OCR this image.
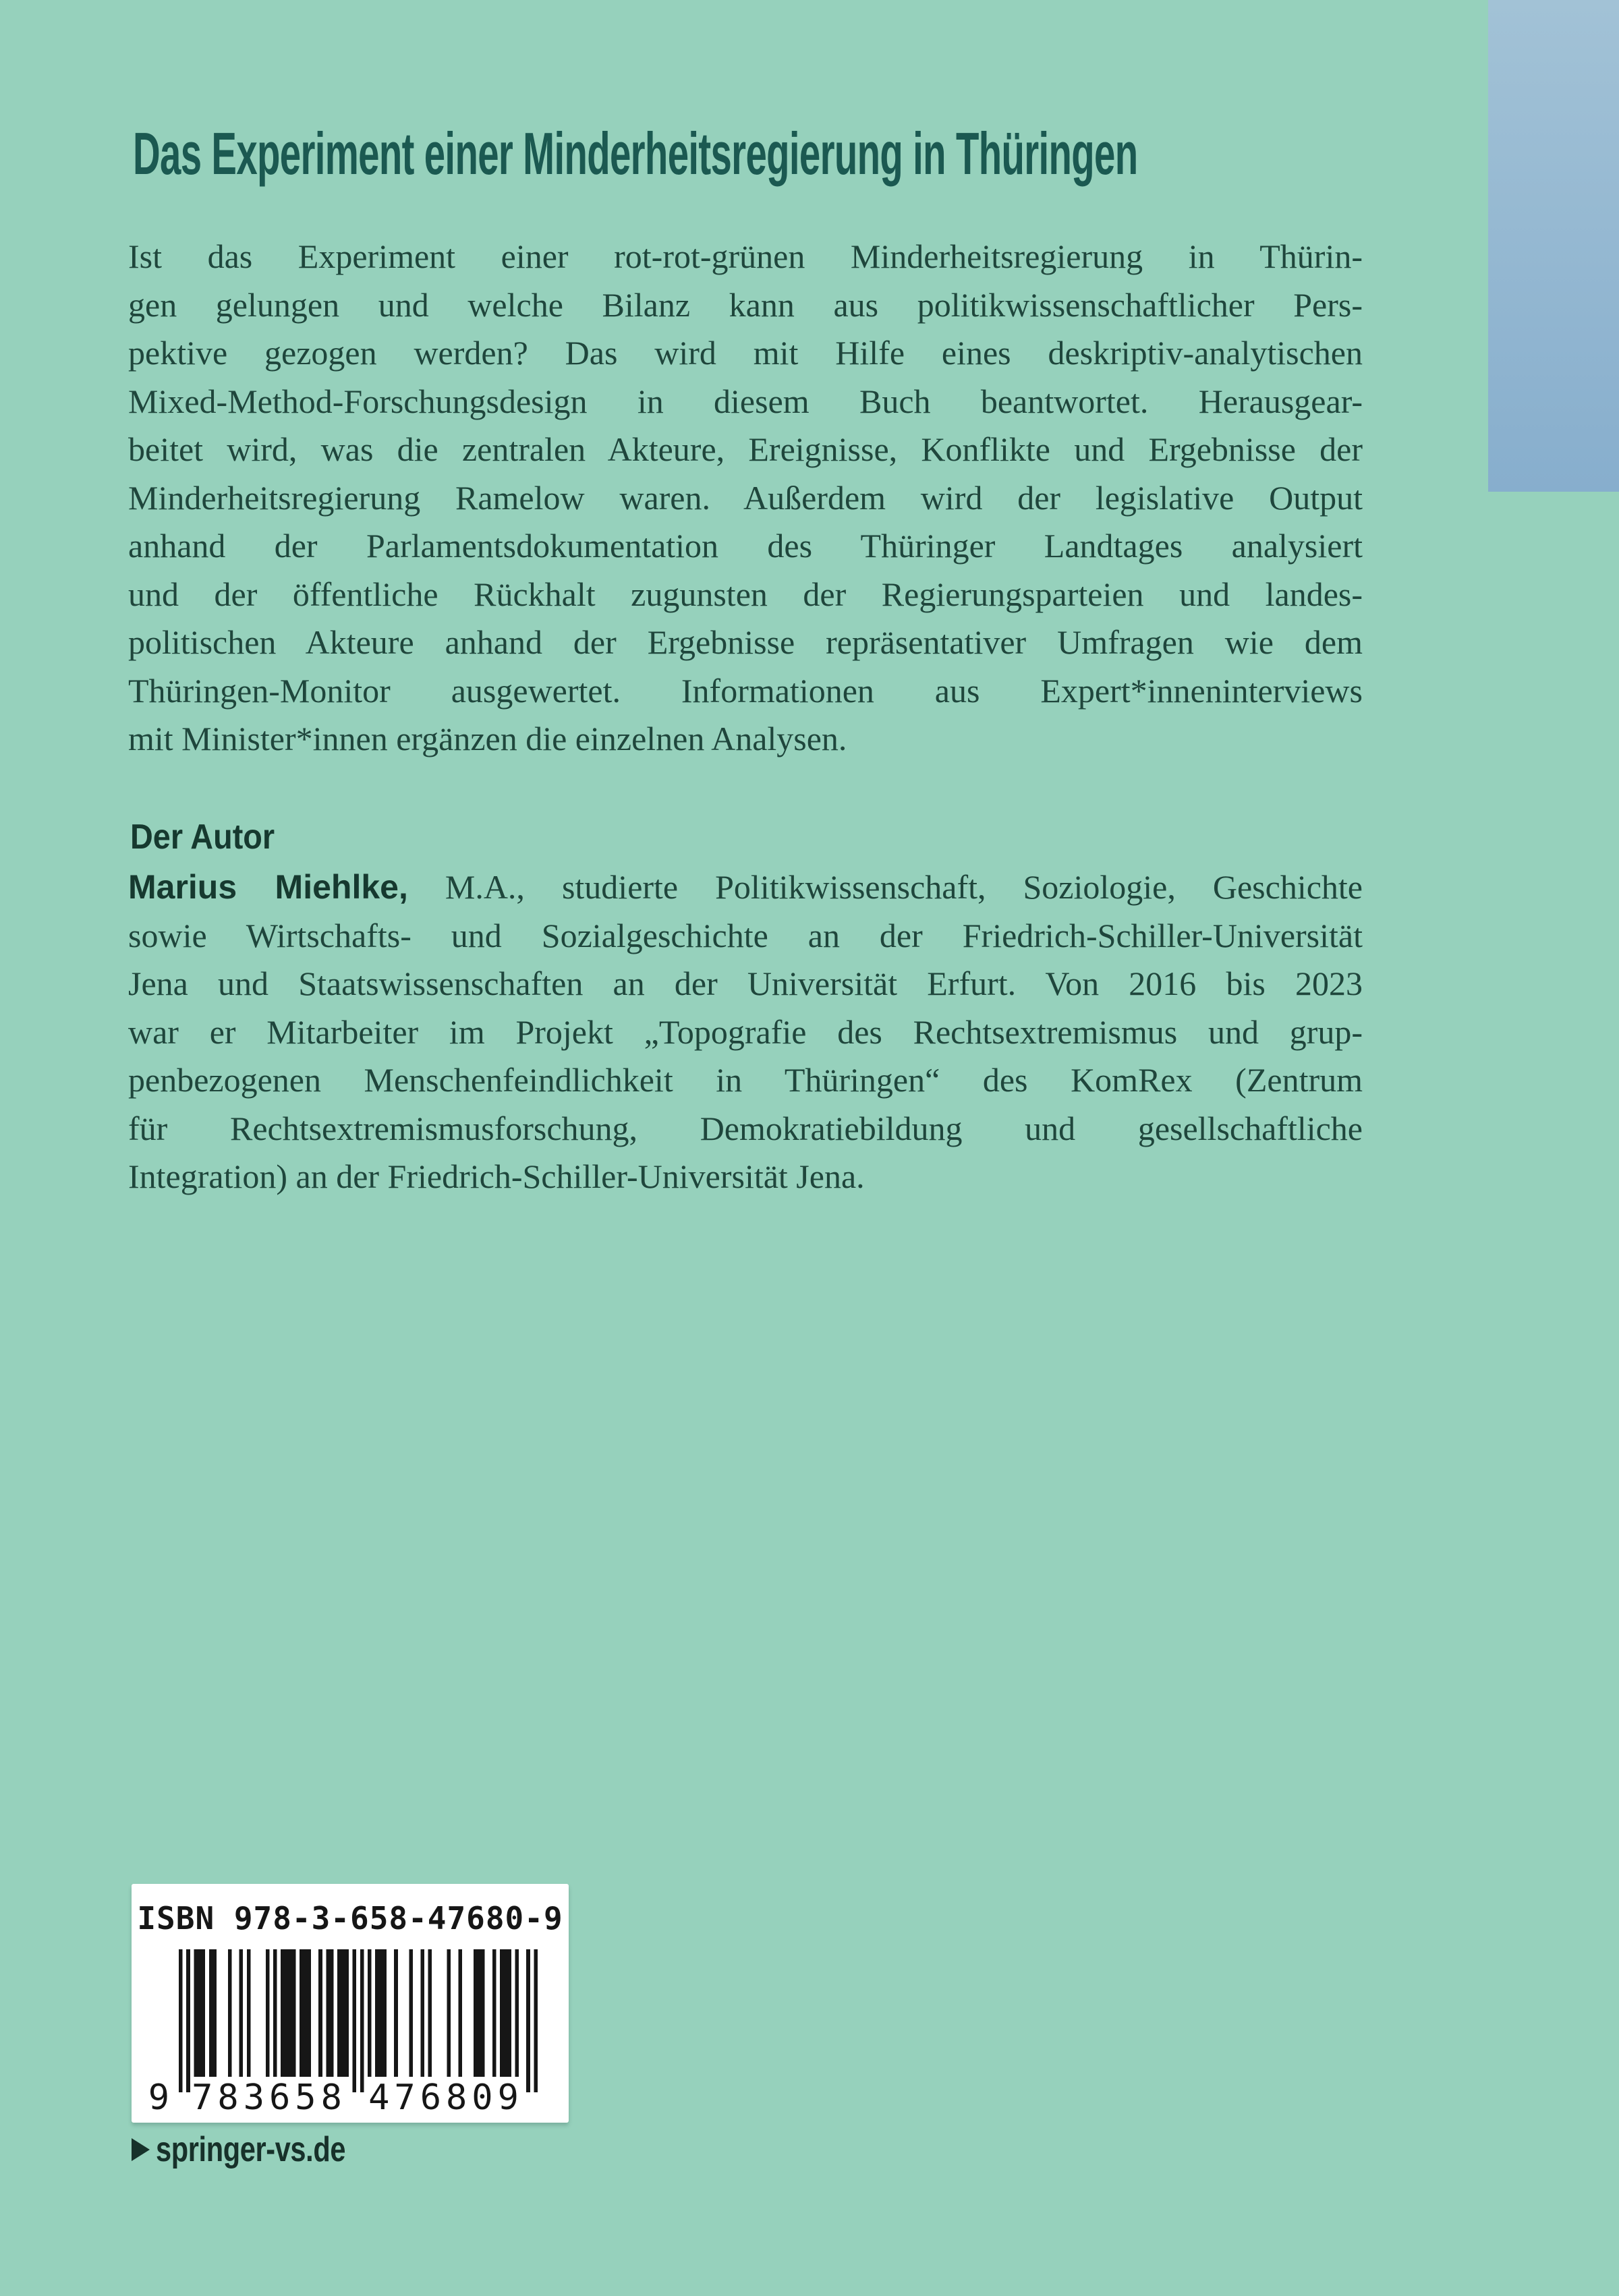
Das Experiment einer Minderheitsregierung in Thüringen
Ist das Experiment einer rot-rot-grünen Minderheitsregierung in Thürin-
gen gelungen und welche Bilanz kann aus politikwissenschaftlicher Pers-
pektive gezogen werden? Das wird mit Hilfe eines deskriptiv-analytischen
Mixed-Method-Forschungsdesign in diesem Buch beantwortet. Herausgear-
beitet wird, was die zentralen Akteure, Ereignisse, Konflikte und Ergebnisse der
Minderheitsregierung Ramelow waren. Außerdem wird der legislative Output
anhand der Parlamentsdokumentation des Thüringer Landtages analysiert
und der öffentliche Rückhalt zugunsten der Regierungsparteien und landes-
politischen Akteure anhand der Ergebnisse repräsentativer Umfragen wie dem
Thüringen-Monitor ausgewertet. Informationen aus Expert*inneninterviews
mit Minister*innen ergänzen die einzelnen Analysen.
Der Autor
Marius Miehlke, M.A., studierte Politikwissenschaft, Soziologie, Geschichte
sowie Wirtschafts- und Sozialgeschichte an der Friedrich-Schiller-Universität
Jena und Staatswissenschaften an der Universität Erfurt. Von 2016 bis 2023
war er Mitarbeiter im Projekt „Topografie des Rechtsextremismus und grup-
penbezogenen Menschenfeindlichkeit in Thüringen“ des KomRex (Zentrum
für Rechtsextremismusforschung, Demokratiebildung und gesellschaftliche
Integration) an der Friedrich-Schiller-Universität Jena.
ISBN 978-3-658-47680-9
9 783658 476809
springer-vs.de
